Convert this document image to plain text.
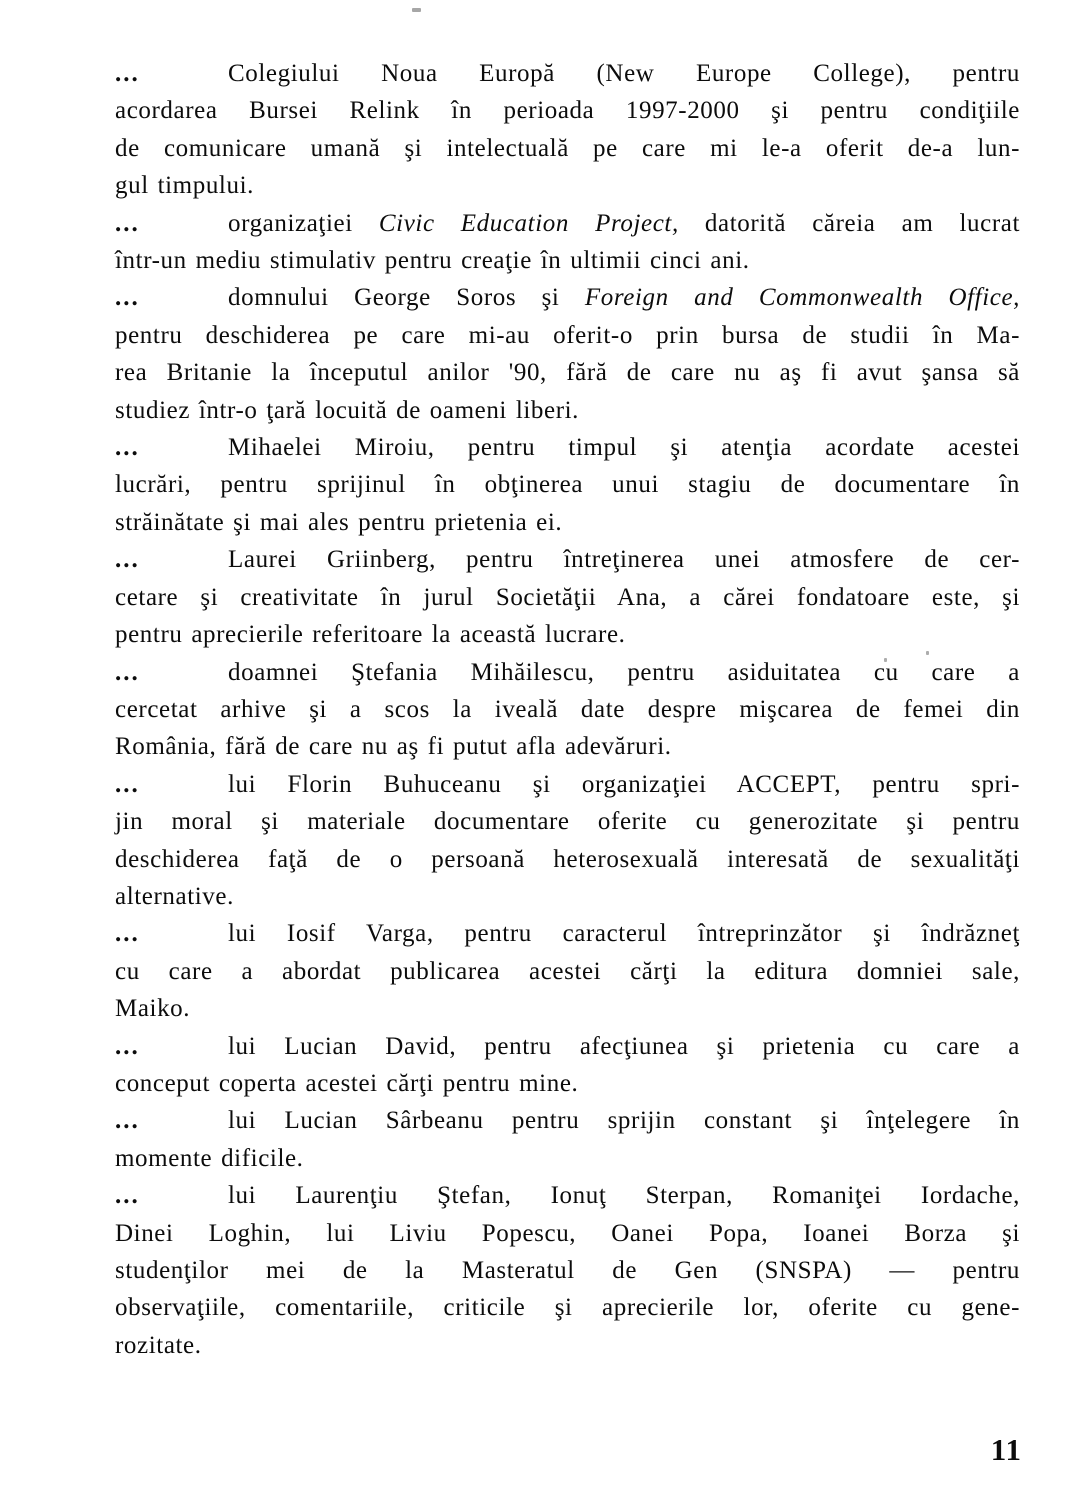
...	Colegiului Noua Europă (New Europe College), pentru
acordarea Bursei Relink în perioada 1997-2000 şi pentru condiţiile
de comunicare umană şi intelectuală pe care mi le-a oferit de-a lun-
gul timpului.
...	organizaţiei Civic Education Project, datorită căreia am lucrat
într-un mediu stimulativ pentru creaţie în ultimii cinci ani.
...	domnului George Soros şi Foreign and Commonwealth Office,
pentru deschiderea pe care mi-au oferit-o prin bursa de studii în Ma-
rea Britanie la începutul anilor '90, fără de care nu aş fi avut şansa să
studiez într-o ţară locuită de oameni liberi.
...	Mihaelei Miroiu, pentru timpul şi atenţia acordate acestei
lucrări, pentru sprijinul în obţinerea unui stagiu de documentare în
străinătate şi mai ales pentru prietenia ei.
...	Laurei Griinberg, pentru întreţinerea unei atmosfere de cer-
cetare şi creativitate în jurul Societăţii Ana, a cărei fondatoare este, şi
pentru aprecierile referitoare la această lucrare.
...	doamnei Ştefania Mihăilescu, pentru asiduitatea cu care a
cercetat arhive şi a scos la iveală date despre mişcarea de femei din
România, fără de care nu aş fi putut afla adevăruri.
...	lui Florin Buhuceanu şi organizaţiei ACCEPT, pentru spri-
jin moral şi materiale documentare oferite cu generozitate şi pentru
deschiderea faţă de o persoană heterosexuală interesată de sexualităţi
alternative.
...	lui Iosif Varga, pentru caracterul întreprinzător şi îndrăzneţ
cu care a abordat publicarea acestei cărţi la editura domniei sale,
Maiko.
...	lui Lucian David, pentru afecţiunea şi prietenia cu care a
conceput coperta acestei cărţi pentru mine.
...	lui Lucian Sârbeanu pentru sprijin constant şi înţelegere în
momente dificile.
...	lui Laurenţiu Ştefan, Ionuţ Sterpan, Romaniţei Iordache,
Dinei Loghin, lui Liviu Popescu, Oanei Popa, Ioanei Borza şi
studenţilor mei de la Masteratul de Gen (SNSPA) — pentru
observaţiile, comentariile, criticile şi aprecierile lor, oferite cu gene-
rozitate.
11
